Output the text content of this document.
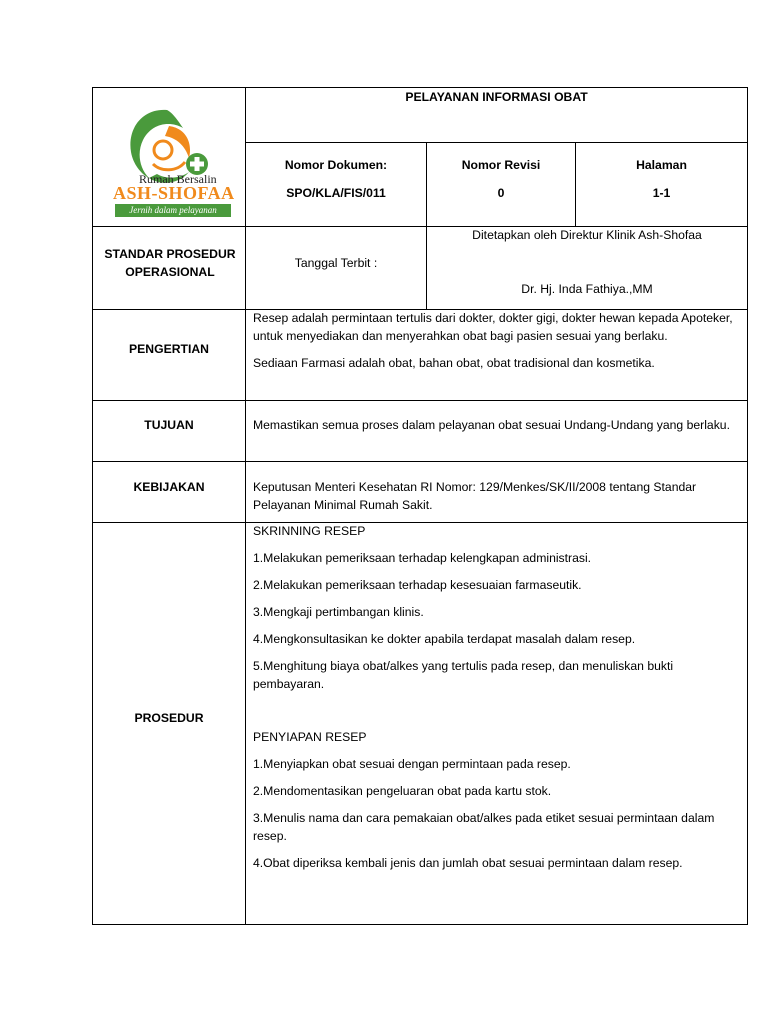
Rumah Bersalin
ASH-SHOFAA
Jernih dalam pelayanan
PELAYANAN INFORMASI OBAT
Nomor Dokumen:
SPO/KLA/FIS/011
Nomor Revisi
0
Halaman
1-1
STANDAR PROSEDUR OPERASIONAL
Tanggal Terbit :
Ditetapkan oleh Direktur Klinik Ash-Shofaa
Dr. Hj. Inda Fathiya.,MM
PENGERTIAN

Resep adalah permintaan tertulis dari dokter, dokter gigi, dokter hewan kepada Apoteker, untuk menyediakan dan menyerahkan obat bagi pasien sesuai yang berlaku.

Sediaan Farmasi adalah obat, bahan obat, obat tradisional dan kosmetika.

TUJUAN	Memastikan semua proses dalam pelayanan obat sesuai Undang-Undang yang berlaku.
KEBIJAKAN	Keputusan Menteri Kesehatan RI Nomor: 129/Menkes/SK/II/2008 tentang Standar Pelayanan Minimal Rumah Sakit.
PROSEDUR

SKRINNING RESEP

1.Melakukan pemeriksaan terhadap kelengkapan administrasi.

2.Melakukan pemeriksaan terhadap kesesuaian farmaseutik.

3.Mengkaji pertimbangan klinis.

4.Mengkonsultasikan ke dokter apabila terdapat masalah dalam resep.

5.Menghitung biaya obat/alkes yang tertulis pada resep, dan menuliskan bukti pembayaran.

PENYIAPAN RESEP

1.Menyiapkan obat sesuai dengan permintaan pada resep.

2.Mendomentasikan pengeluaran obat pada kartu stok.

3.Menulis nama dan cara pemakaian obat/alkes pada etiket sesuai permintaan dalam resep.

4.Obat diperiksa kembali jenis dan jumlah obat sesuai permintaan dalam resep.
